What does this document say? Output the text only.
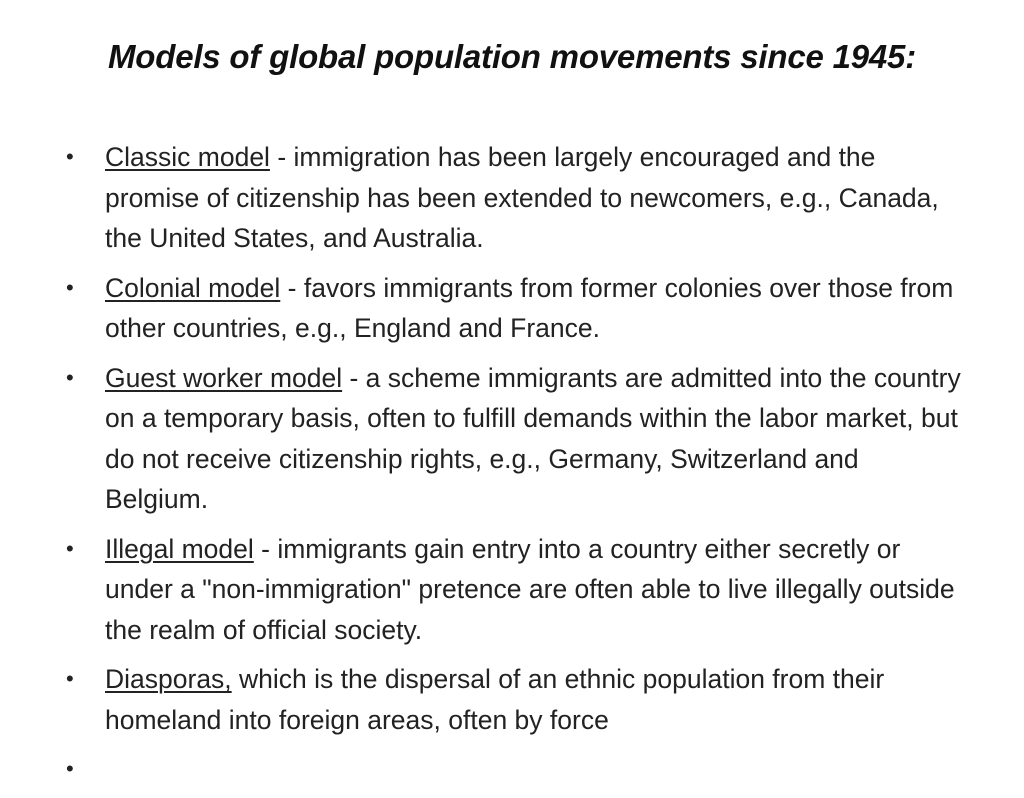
Models of global population movements since 1945:
• Classic model - immigration has been largely encouraged and the promise of citizenship has been extended to newcomers, e.g., Canada, the United States, and Australia.
• Colonial model - favors immigrants from former colonies over those from other countries, e.g., England and France.
• Guest worker model - a scheme immigrants are admitted into the country on a temporary basis, often to fulfill demands within the labor market, but do not receive citizenship rights, e.g., Germany, Switzerland and Belgium.
• Illegal model - immigrants gain entry into a country either secretly or under a "non-immigration" pretence are often able to live illegally outside the realm of official society.
• Diasporas, which is the dispersal of an ethnic population from their homeland into foreign areas, often by force
•
